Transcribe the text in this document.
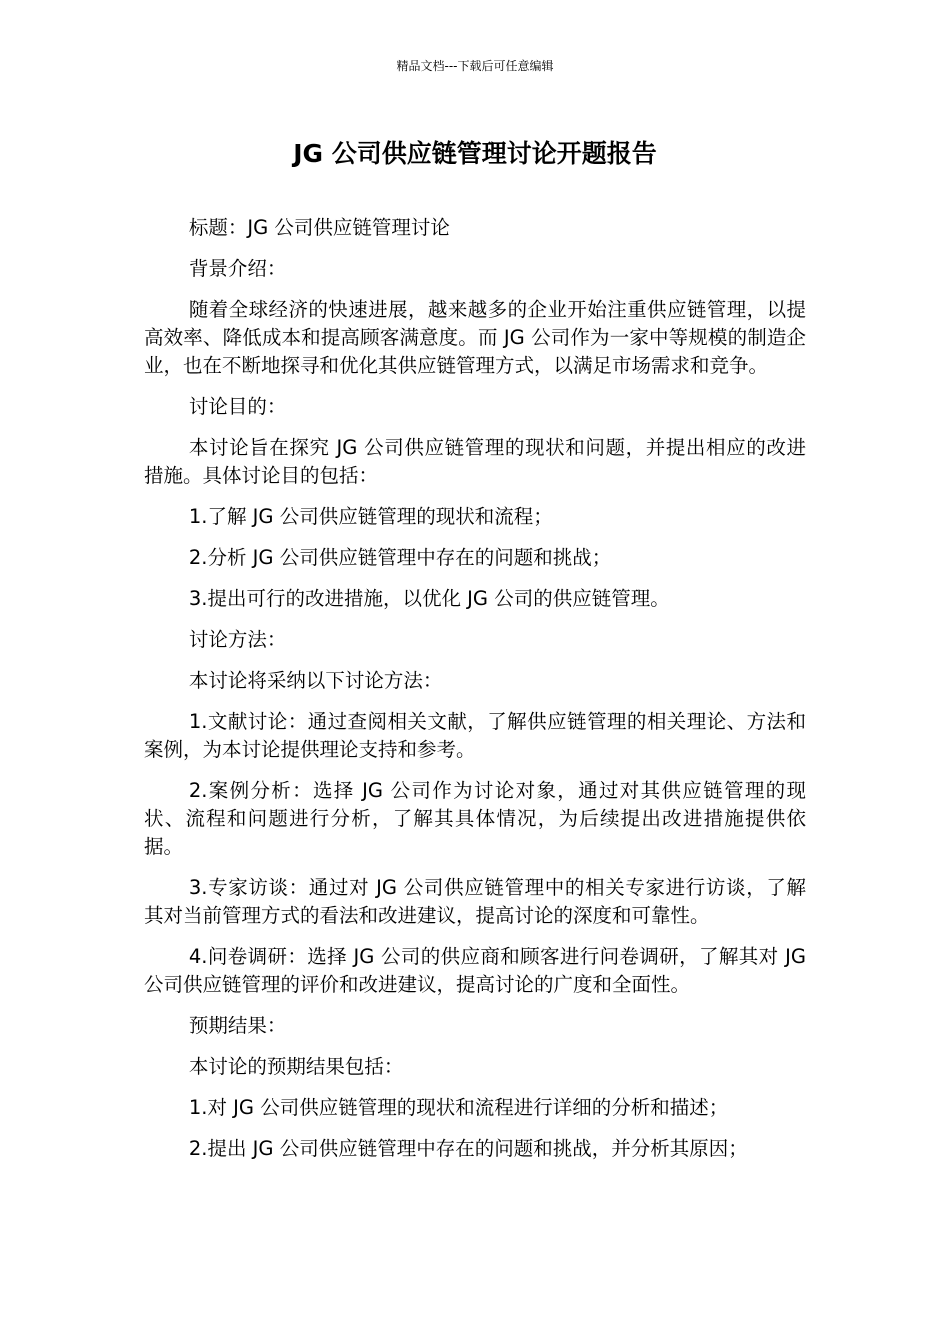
精品文档---下载后可任意编辑
JG 公司供应链管理讨论开题报告

标题：JG 公司供应链管理讨论

背景介绍：

随着全球经济的快速进展，越来越多的企业开始注重供应链管理，以提高效率、降低成本和提高顾客满意度。而 JG 公司作为一家中等规模的制造企业，也在不断地探寻和优化其供应链管理方式，以满足市场需求和竞争。

讨论目的：

本讨论旨在探究 JG 公司供应链管理的现状和问题，并提出相应的改进措施。具体讨论目的包括：

1.了解 JG 公司供应链管理的现状和流程；

2.分析 JG 公司供应链管理中存在的问题和挑战；

3.提出可行的改进措施，以优化 JG 公司的供应链管理。

讨论方法：

本讨论将采纳以下讨论方法：

1.文献讨论：通过查阅相关文献，了解供应链管理的相关理论、方法和案例，为本讨论提供理论支持和参考。

2.案例分析：选择 JG 公司作为讨论对象，通过对其供应链管理的现状、流程和问题进行分析，了解其具体情况，为后续提出改进措施提供依据。

3.专家访谈：通过对 JG 公司供应链管理中的相关专家进行访谈，了解其对当前管理方式的看法和改进建议，提高讨论的深度和可靠性。

4.问卷调研：选择 JG 公司的供应商和顾客进行问卷调研，了解其对 JG 公司供应链管理的评价和改进建议，提高讨论的广度和全面性。

预期结果：

本讨论的预期结果包括：

1.对 JG 公司供应链管理的现状和流程进行详细的分析和描述；

2.提出 JG 公司供应链管理中存在的问题和挑战，并分析其原因；
